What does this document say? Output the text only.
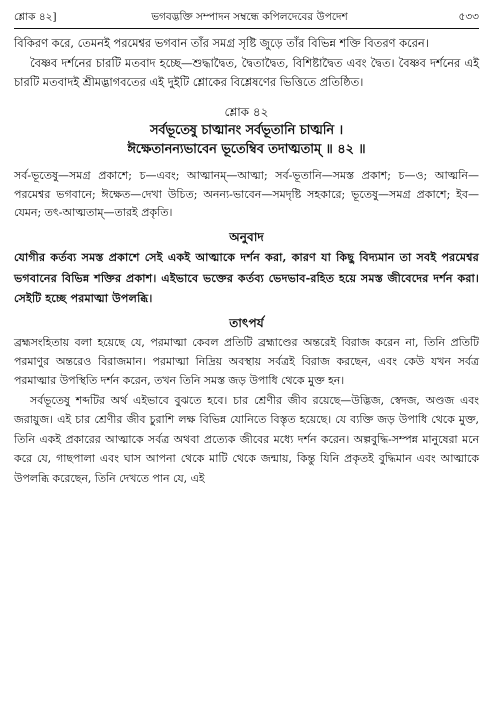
শ্লোক ৪২]	ভগবদ্ভক্তি সম্পাদন সম্বন্ধে কপিলদেবের উপদেশ	৫৩৩

বিকিরণ করে, তেমনই পরমেশ্বর ভগবান তাঁর সমগ্র সৃষ্টি জুড়ে তাঁর বিভিন্ন শক্তি বিতরণ করেন।

বৈষ্ণব দর্শনের চারটি মতবাদ হচ্ছে—শুদ্ধাদ্বৈত, দ্বৈতাদ্বৈত, বিশিষ্টাদ্বৈত এবং দ্বৈত। বৈষ্ণব দর্শনের এই চারটি মতবাদই শ্রীমদ্ভাগবতের এই দুইটি শ্লোকের বিশ্লেষণের ভিত্তিতে প্রতিষ্ঠিত।

শ্লোক ৪২
সর্বভূতেষু চাত্মানং সর্বভূতানি চাত্মনি ।
ঈক্ষেতানন্যভাবেন ভূতেম্বিব তদাত্মতাম্ ॥ ৪২ ॥

সর্ব-ভূতেষু—সমগ্র প্রকাশে; চ—এবং; আত্মানম্—আত্মা; সর্ব-ভূতানি—সমস্ত প্রকাশ; চ—ও; আত্মনি—পরমেশ্বর ভগবানে; ঈক্ষেত—দেখা উচিত; অনন্য-ভাবেন—সমদৃষ্টি সহকারে; ভূতেষু—সমগ্র প্রকাশে; ইব—যেমন; তৎ-আত্মতাম্—তারই প্রকৃতি।

অনুবাদ

যোগীর কর্তব্য সমস্ত প্রকাশে সেই একই আত্মাকে দর্শন করা, কারণ যা কিছু বিদ্যমান তা সবই পরমেশ্বর ভগবানের বিভিন্ন শক্তির প্রকাশ। এইভাবে ভক্তের কর্তব্য ভেদভাব-রহিত হয়ে সমস্ত জীবেদের দর্শন করা। সেইটি হচ্ছে পরমাত্মা উপলব্ধি।

তাৎপর্য

ব্রহ্মসংহিতায় বলা হয়েছে যে, পরমাত্মা কেবল প্রতিটি ব্রহ্মাণ্ডের অন্তরেই বিরাজ করেন না, তিনি প্রতিটি পরমাণুর অন্তরেও বিরাজমান। পরমাত্মা নিদ্রিয় অবস্থায় সর্বত্রই বিরাজ করছেন, এবং কেউ যখন সর্বত্র পরমাত্মার উপস্থিতি দর্শন করেন, তখন তিনি সমস্ত জড় উপাধি থেকে মুক্ত হন।

সর্বভূতেষু শব্দটির অর্থ এইভাবে বুঝতে হবে। চার শ্রেণীর জীব রয়েছে—উদ্ভিজ, স্বেদজ, অণ্ডজ এবং জরায়ুজ। এই চার শ্রেণীর জীব চুরাশি লক্ষ বিভিন্ন যোনিতে বিস্তৃত হয়েছে। যে ব্যক্তি জড় উপাধি থেকে মুক্ত, তিনি একই প্রকারের আত্মাকে সর্বত্র অথবা প্রত্যেক জীবের মধ্যে দর্শন করেন। অল্পবুদ্ধি-সম্পন্ন মানুষেরা মনে করে যে, গাছপালা এবং ঘাস আপনা থেকে মাটি থেকে জন্মায়, কিন্তু যিনি প্রকৃতই বুদ্ধিমান এবং আত্মাকে উপলব্ধি করেছেন, তিনি দেখতে পান যে, এই
